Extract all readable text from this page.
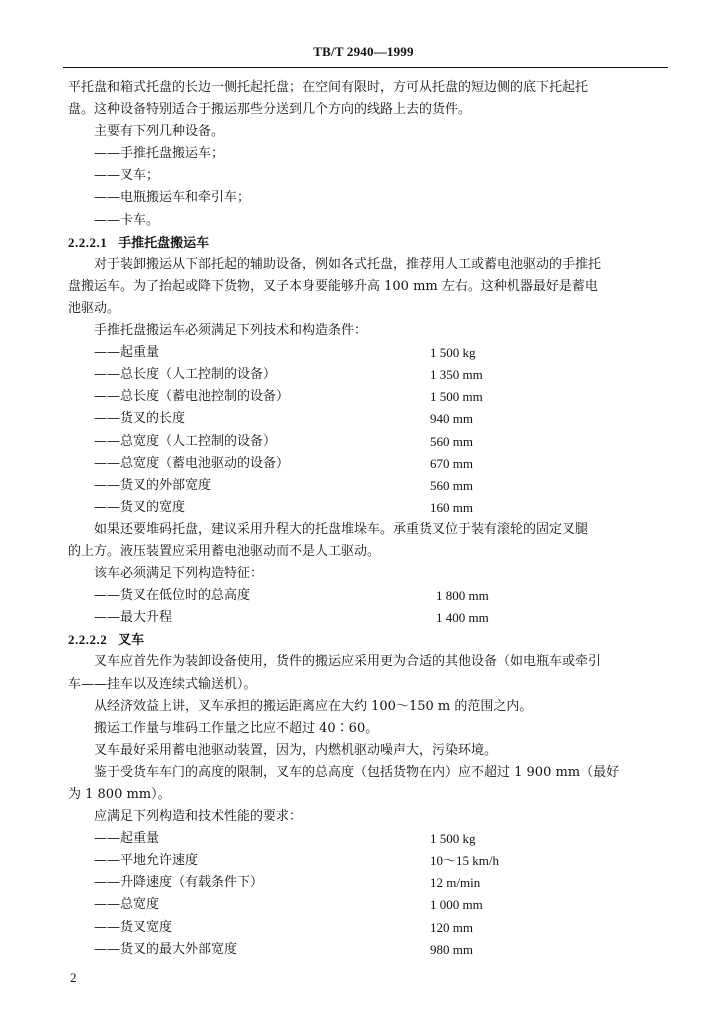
TB/T 2940—1999

平托盘和箱式托盘的长边一侧托起托盘；在空间有限时，方可从托盘的短边侧的底下托起托

盘。这种设备特别适合于搬运那些分送到几个方向的线路上去的货件。

主要有下列几种设备。

——手推托盘搬运车；

——叉车；

——电瓶搬运车和牵引车；

——卡车。

2.2.2.1 手推托盘搬运车

对于装卸搬运从下部托起的辅助设备，例如各式托盘，推荐用人工或蓄电池驱动的手推托

盘搬运车。为了抬起或降下货物，叉子本身要能够升高 100 mm 左右。这种机器最好是蓄电

池驱动。

手推托盘搬运车必须满足下列技术和构造条件：

——起重量	1 500 kg
——总长度（人工控制的设备）	1 350 mm
——总长度（蓄电池控制的设备）	1 500 mm
——货叉的长度	940 mm
——总宽度（人工控制的设备）	560 mm
——总宽度（蓄电池驱动的设备）	670 mm
——货叉的外部宽度	560 mm
——货叉的宽度	160 mm

如果还要堆码托盘，建议采用升程大的托盘堆垛车。承重货叉位于装有滚轮的固定叉腿

的上方。液压装置应采用蓄电池驱动而不是人工驱动。

该车必须满足下列构造特征：

——货叉在低位时的总高度	1 800 mm
——最大升程	1 400 mm

2.2.2.2 叉车

叉车应首先作为装卸设备使用，货件的搬运应采用更为合适的其他设备（如电瓶车或牵引

车——挂车以及连续式输送机）。

从经济效益上讲，叉车承担的搬运距离应在大约 100～150 m 的范围之内。

搬运工作量与堆码工作量之比应不超过 40∶60。

叉车最好采用蓄电池驱动装置，因为，内燃机驱动噪声大，污染环境。

鉴于受货车车门的高度的限制，叉车的总高度（包括货物在内）应不超过 1 900 mm（最好

为 1 800 mm）。

应满足下列构造和技术性能的要求：

——起重量	1 500 kg
——平地允许速度	10～15 km/h
——升降速度（有载条件下）	12 m/min
——总宽度	1 000 mm
——货叉宽度	120 mm
——货叉的最大外部宽度	980 mm
2
